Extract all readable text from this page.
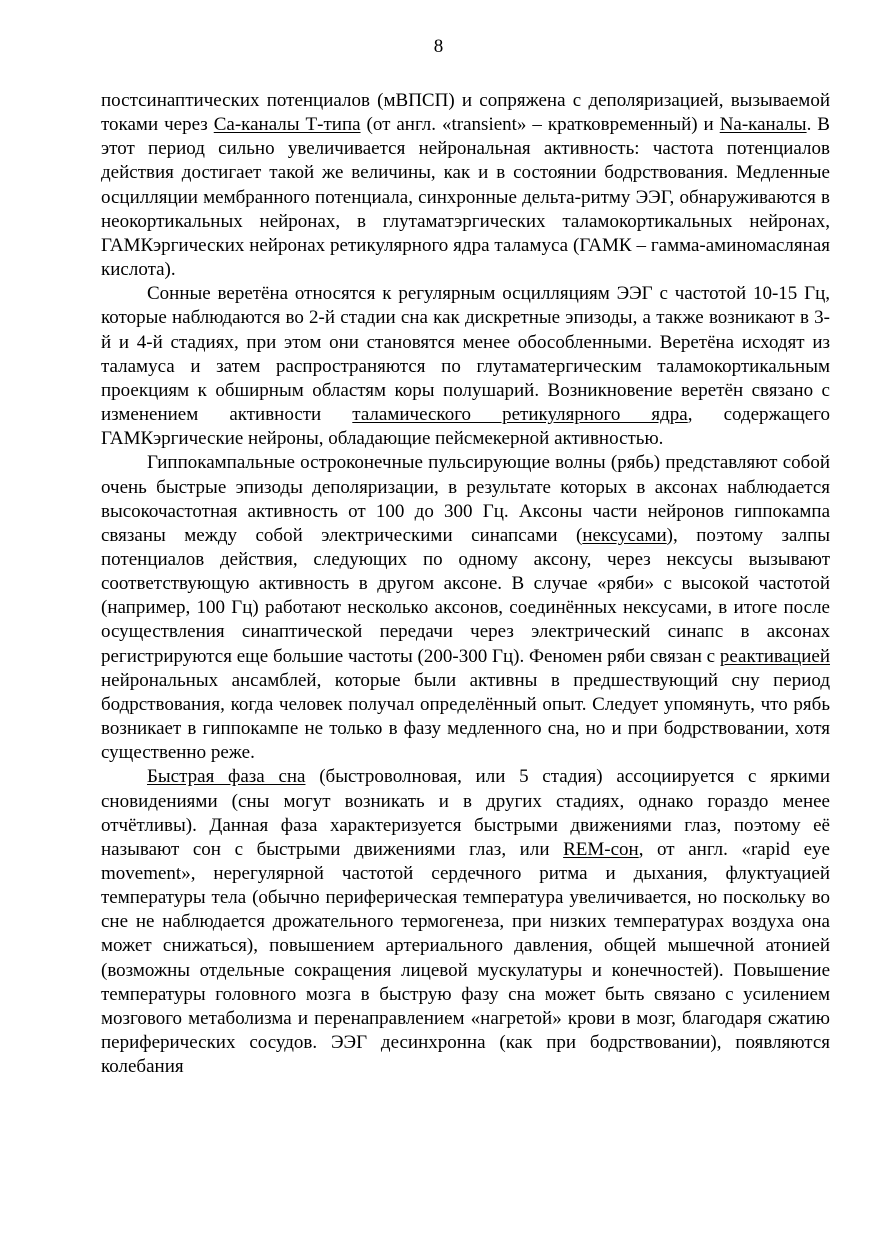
8

постсинаптических потенциалов (мВПСП) и сопряжена с деполяризацией, вызываемой токами через Са-каналы Т-типа (от англ. «transient» – кратковременный) и Na-каналы. В этот период сильно увеличивается нейрональная активность: частота потенциалов действия достигает такой же величины, как и в состоянии бодрствования. Медленные осцилляции мембранного потенциала, синхронные дельта-ритму ЭЭГ, обнаруживаются в неокортикальных нейронах, в глутаматэргических таламокортикальных нейронах, ГАМКэргических нейронах ретикулярного ядра таламуса (ГАМК – гамма-аминомасляная кислота).

Сонные веретёна относятся к регулярным осцилляциям ЭЭГ с частотой 10-15 Гц, которые наблюдаются во 2-й стадии сна как дискретные эпизоды, а также возникают в 3-й и 4-й стадиях, при этом они становятся менее обособленными. Веретёна исходят из таламуса и затем распространяются по глутаматергическим таламокортикальным проекциям к обширным областям коры полушарий. Возникновение веретён связано с изменением активности таламического ретикулярного ядра, содержащего ГАМКэргические нейроны, обладающие пейсмекерной активностью.

Гиппокампальные остроконечные пульсирующие волны (рябь) представляют собой очень быстрые эпизоды деполяризации, в результате которых в аксонах наблюдается высокочастотная активность от 100 до 300 Гц. Аксоны части нейронов гиппокампа связаны между собой электрическими синапсами (нексусами), поэтому залпы потенциалов действия, следующих по одному аксону, через нексусы вызывают соответствующую активность в другом аксоне. В случае «ряби» с высокой частотой (например, 100 Гц) работают несколько аксонов, соединённых нексусами, в итоге после осуществления синаптической передачи через электрический синапс в аксонах регистрируются еще большие частоты (200-300 Гц). Феномен ряби связан с реактивацией нейрональных ансамблей, которые были активны в предшествующий сну период бодрствования, когда человек получал определённый опыт. Следует упомянуть, что рябь возникает в гиппокампе не только в фазу медленного сна, но и при бодрствовании, хотя существенно реже.

Быстрая фаза сна (быстроволновая, или 5 стадия) ассоциируется с яркими сновидениями (сны могут возникать и в других стадиях, однако гораздо менее отчётливы). Данная фаза характеризуется быстрыми движениями глаз, поэтому её называют сон с быстрыми движениями глаз, или REM-сон, от англ. «rapid eye movement», нерегулярной частотой сердечного ритма и дыхания, флуктуацией температуры тела (обычно периферическая температура увеличивается, но поскольку во сне не наблюдается дрожательного термогенеза, при низких температурах воздуха она может снижаться), повышением артериального давления, общей мышечной атонией (возможны отдельные сокращения лицевой мускулатуры и конечностей). Повышение температуры головного мозга в быструю фазу сна может быть связано с усилением мозгового метаболизма и перенаправлением «нагретой» крови в мозг, благодаря сжатию периферических сосудов. ЭЭГ десинхронна (как при бодрствовании), появляются колебания
